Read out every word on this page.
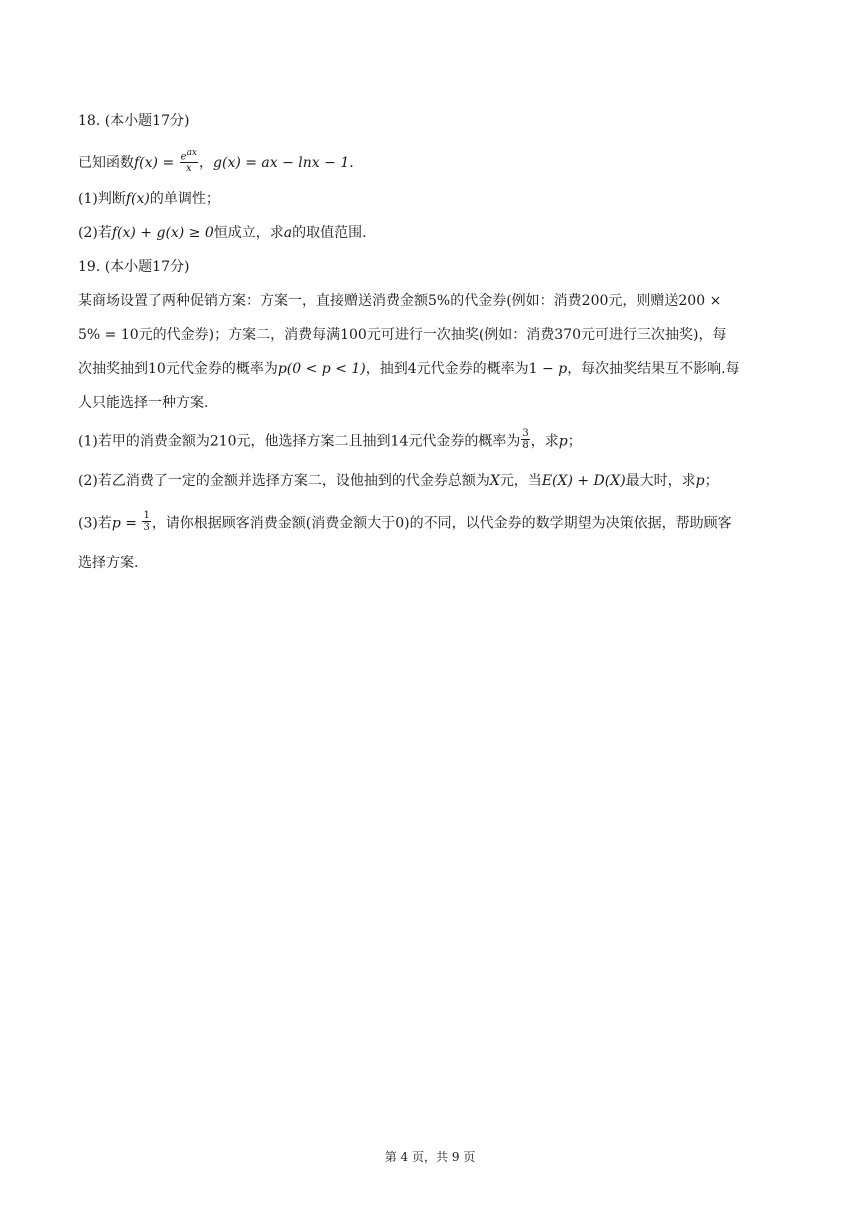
18. (本小题17分)
已知函数$f(x) = \frac{e^{ax}}{x}$ ，g(x) = ax − lnx − 1.
(1)判断f(x)的单调性；
(2)若f(x) + g(x) ≥ 0恒成立，求a的取值范围.
19. (本小题17分)
某商场设置了两种促销方案：方案一，直接赠送消费金额5%的代金券(例如：消费200元，则赠送200 ×
5% = 10元的代金券)；方案二，消费每满100元可进行一次抽奖(例如：消费370元可进行三次抽奖)，每
次抽奖抽到10元代金券的概率为p(0 < p < 1)，抽到4元代金券的概率为1 − p，每次抽奖结果互不影响.每
人只能选择一种方案.
(1)若甲的消费金额为210元，他选择方案二且抽到14元代金券的概率为 $\frac{3}{8}$ ，求p；
(2)若乙消费了一定的金额并选择方案二，设他抽到的代金券总额为X元，当E(X) + D(X)最大时，求p；
(3)若$p = \frac{1}{3}$ ，请你根据顾客消费金额(消费金额大于0)的不同，以代金券的数学期望为决策依据，帮助顾客
选择方案.
第 4 页，共 9 页
